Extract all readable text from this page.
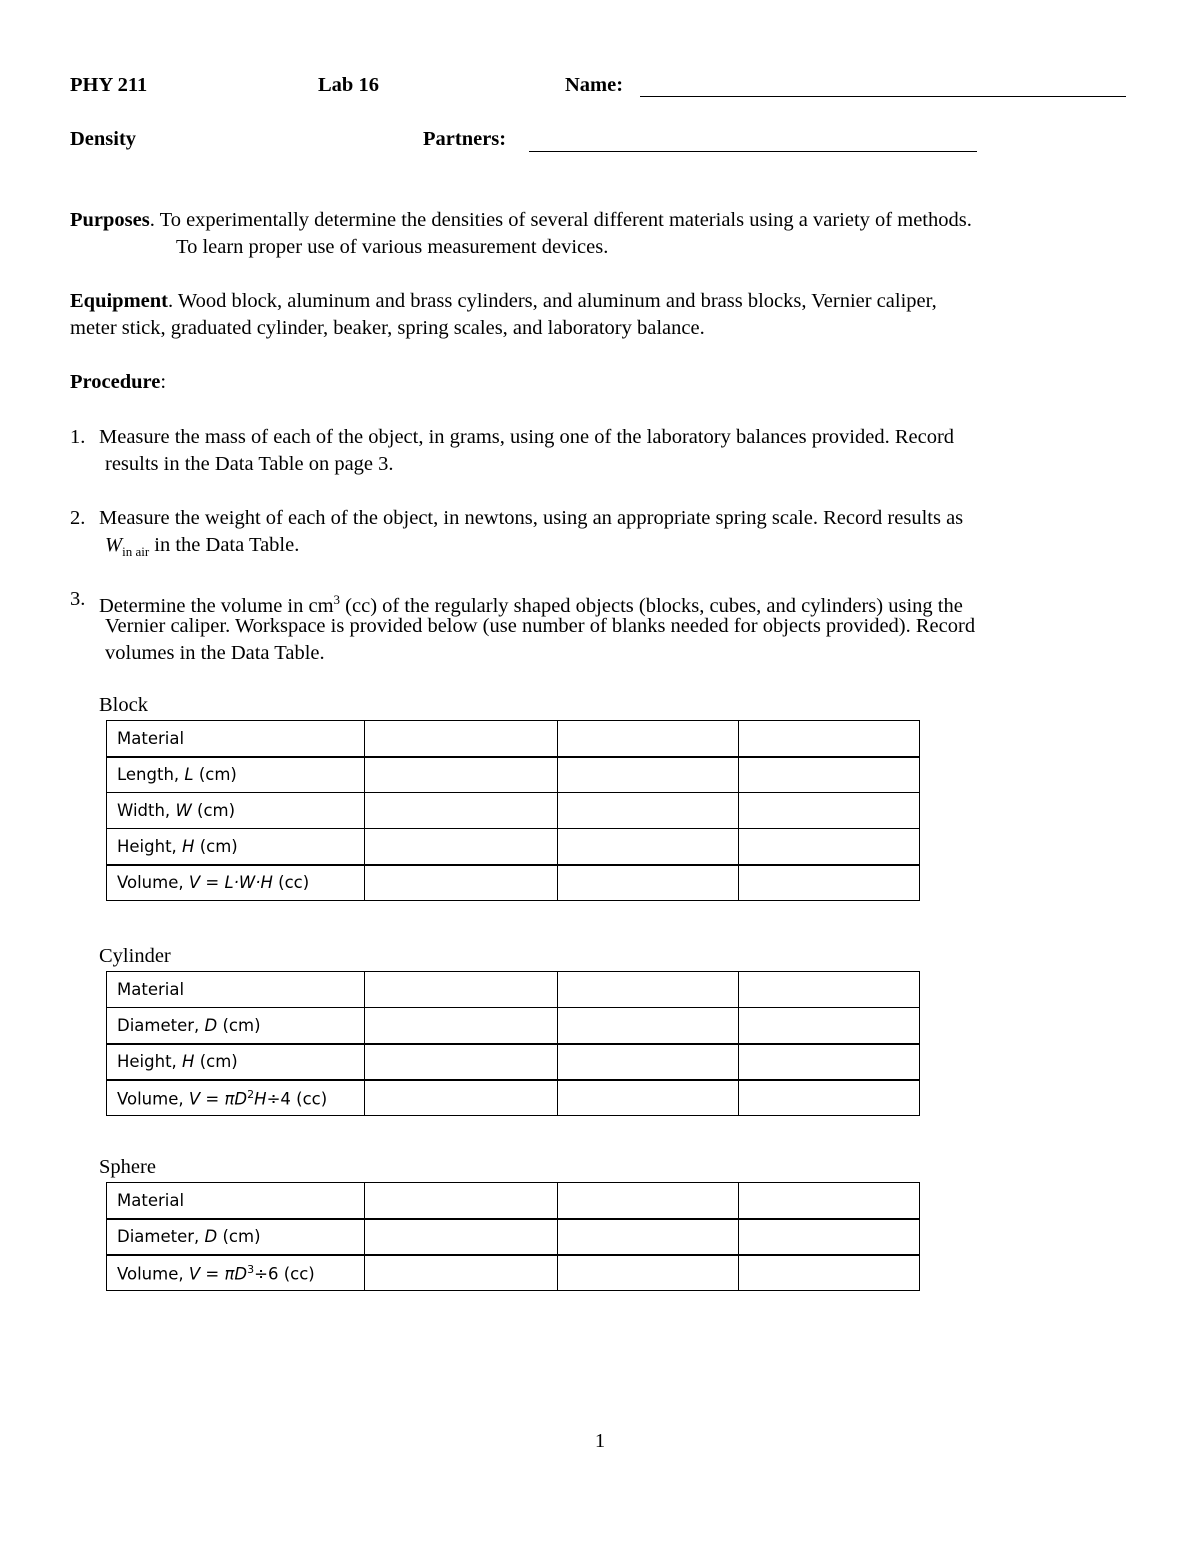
PHY 211	Lab 16	Name:
Density	Partners:
Purposes. To experimentally determine the densities of several different materials using a variety of methods.
To learn proper use of various measurement devices.
Equipment. Wood block, aluminum and brass cylinders, and aluminum and brass blocks, Vernier caliper,
meter stick, graduated cylinder, beaker, spring scales, and laboratory balance.
Procedure:
1. Measure the mass of each of the object, in grams, using one of the laboratory balances provided. Record
results in the Data Table on page 3.
2. Measure the weight of each of the object, in newtons, using an appropriate spring scale. Record results as
$W_{in air}$ in the Data Table.
3. Determine the volume in $cm^3$ (cc) of the regularly shaped objects (blocks, cubes, and cylinders) using the
Vernier caliper. Workspace is provided below (use number of blanks needed for objects provided). Record
volumes in the Data Table.
Block
Material			
Length, L (cm)			
Width, W (cm)			
Height, H (cm)			
Volume, V = L·W·H (cc)			
Cylinder
Material			
Diameter, D (cm)			
Height, H (cm)			
Volume, $V = \pi D^2H\div 4$ (cc)			
Sphere
Material			
Diameter, D (cm)			
Volume, $V = \pi D^3\div 6$ (cc)			
1
